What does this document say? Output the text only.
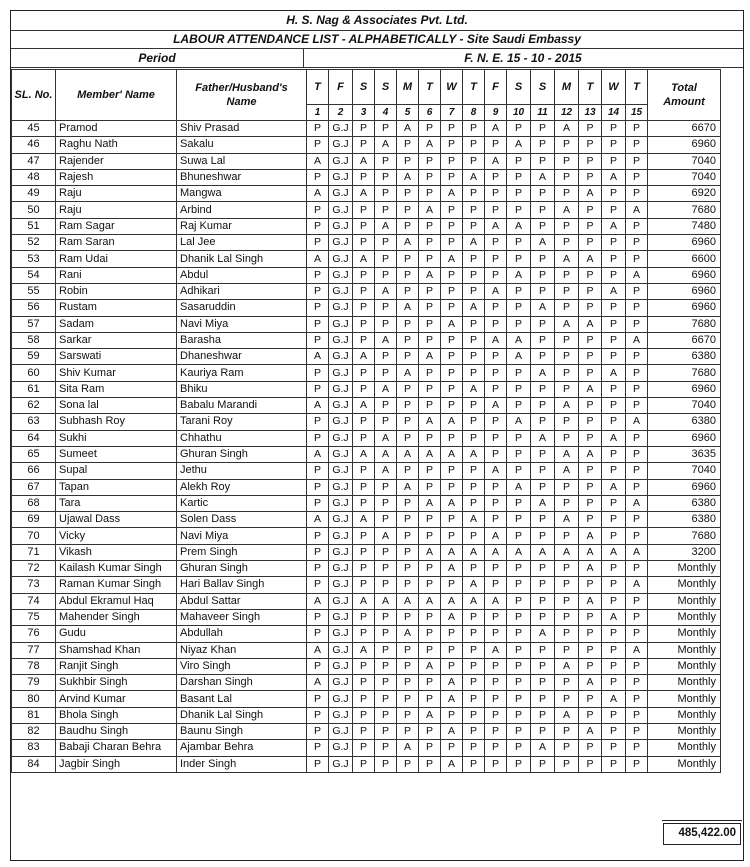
H. S. Nag & Associates Pvt. Ltd.
LABOUR ATTENDANCE LIST - ALPHABETICALLY - Site Saudi Embassy
Period	F. N. E. 15 - 10 - 2015
SL. No.	Member' Name	Father/Husband's Name	T	F	S	S	M	T	W	T	F	S	S	M	T	W	T	Total Amount
			1	2	3	4	5	6	7	8	9	10	11	12	13	14	15	
45	Pramod	Shiv Prasad	P	G.J	P	P	A	P	P	P	A	P	P	A	P	P	P	6670
46	Raghu Nath	Sakalu	P	G.J	P	A	P	A	P	P	P	A	P	P	P	P	P	6960
47	Rajender	Suwa Lal	A	G.J	A	P	P	P	P	P	A	P	P	P	P	P	P	7040
48	Rajesh	Bhuneshwar	P	G.J	P	P	A	P	P	A	P	P	A	P	P	A	P	7040
49	Raju	Mangwa	A	G.J	A	P	P	P	A	P	P	P	P	P	A	P	P	6920
50	Raju	Arbind	P	G.J	P	P	P	A	P	P	P	P	P	A	P	P	A	7680
51	Ram Sagar	Raj Kumar	P	G.J	P	A	P	P	P	P	A	A	P	P	P	A	P	7480
52	Ram Saran	Lal Jee	P	G.J	P	P	A	P	P	A	P	P	A	P	P	P	P	6960
53	Ram Udai	Dhanik Lal Singh	A	G.J	A	P	P	P	A	P	P	P	P	A	A	P	P	6600
54	Rani	Abdul	P	G.J	P	P	P	A	P	P	P	A	P	P	P	P	A	6960
55	Robin	Adhikari	P	G.J	P	A	P	P	P	P	A	P	P	P	P	A	P	6960
56	Rustam	Sasaruddin	P	G.J	P	P	A	P	P	A	P	P	A	P	P	P	P	6960
57	Sadam	Navi Miya	P	G.J	P	P	P	P	A	P	P	P	P	A	A	P	P	7680
58	Sarkar	Barasha	P	G.J	P	A	P	P	P	P	A	A	P	P	P	P	A	6670
59	Sarswati	Dhaneshwar	A	G.J	A	P	P	A	P	P	P	A	P	P	P	P	P	6380
60	Shiv Kumar	Kauriya Ram	P	G.J	P	P	A	P	P	P	P	P	A	P	P	A	P	7680
61	Sita Ram	Bhiku	P	G.J	P	A	P	P	P	A	P	P	P	P	A	P	P	6960
62	Sona lal	Babalu Marandi	A	G.J	A	P	P	P	P	P	A	P	P	A	P	P	P	7040
63	Subhash Roy	Tarani Roy	P	G.J	P	P	P	A	A	P	P	A	P	P	P	P	A	6380
64	Sukhi	Chhathu	P	G.J	P	A	P	P	P	P	P	P	A	P	P	A	P	6960
65	Sumeet	Ghuran Singh	A	G.J	A	A	A	A	A	A	P	P	P	A	A	P	P	3635
66	Supal	Jethu	P	G.J	P	A	P	P	P	P	A	P	P	A	P	P	P	7040
67	Tapan	Alekh Roy	P	G.J	P	P	A	P	P	P	P	A	P	P	P	A	P	6960
68	Tara	Kartic	P	G.J	P	P	P	A	A	P	P	P	A	P	P	P	A	6380
69	Ujawal Dass	Solen Dass	A	G.J	A	P	P	P	P	A	P	P	P	A	P	P	P	6380
70	Vicky	Navi Miya	P	G.J	P	A	P	P	P	P	A	P	P	P	A	P	P	7680
71	Vikash	Prem Singh	P	G.J	P	P	P	A	A	A	A	A	A	A	A	A	A	3200
72	Kailash Kumar Singh	Ghuran Singh	P	G.J	P	P	P	P	A	P	P	P	P	P	A	P	P	Monthly
73	Raman Kumar Singh	Hari Ballav Singh	P	G.J	P	P	P	P	P	A	P	P	P	P	P	P	A	Monthly
74	Abdul Ekramul Haq	Abdul Sattar	A	G.J	A	A	A	A	A	A	A	P	P	P	A	P	P	Monthly
75	Mahender Singh	Mahaveer Singh	P	G.J	P	P	P	P	A	P	P	P	P	P	P	A	P	Monthly
76	Gudu	Abdullah	P	G.J	P	P	A	P	P	P	P	P	A	P	P	P	P	Monthly
77	Shamshad Khan	Niyaz Khan	A	G.J	A	P	P	P	P	P	A	P	P	P	P	P	A	Monthly
78	Ranjit Singh	Viro Singh	P	G.J	P	P	P	A	P	P	P	P	P	A	P	P	P	Monthly
79	Sukhbir Singh	Darshan Singh	A	G.J	P	P	P	P	A	P	P	P	P	P	A	P	P	Monthly
80	Arvind Kumar	Basant Lal	P	G.J	P	P	P	P	A	P	P	P	P	P	P	A	P	Monthly
81	Bhola Singh	Dhanik Lal Singh	P	G.J	P	P	P	A	P	P	P	P	P	A	P	P	P	Monthly
82	Baudhu Singh	Baunu Singh	P	G.J	P	P	P	P	A	P	P	P	P	P	A	P	P	Monthly
83	Babaji Charan Behra	Ajambar Behra	P	G.J	P	P	A	P	P	P	P	P	A	P	P	P	P	Monthly
84	Jagbir Singh	Inder Singh	P	G.J	P	P	P	P	A	P	P	P	P	P	P	P	P	Monthly
485,422.00
